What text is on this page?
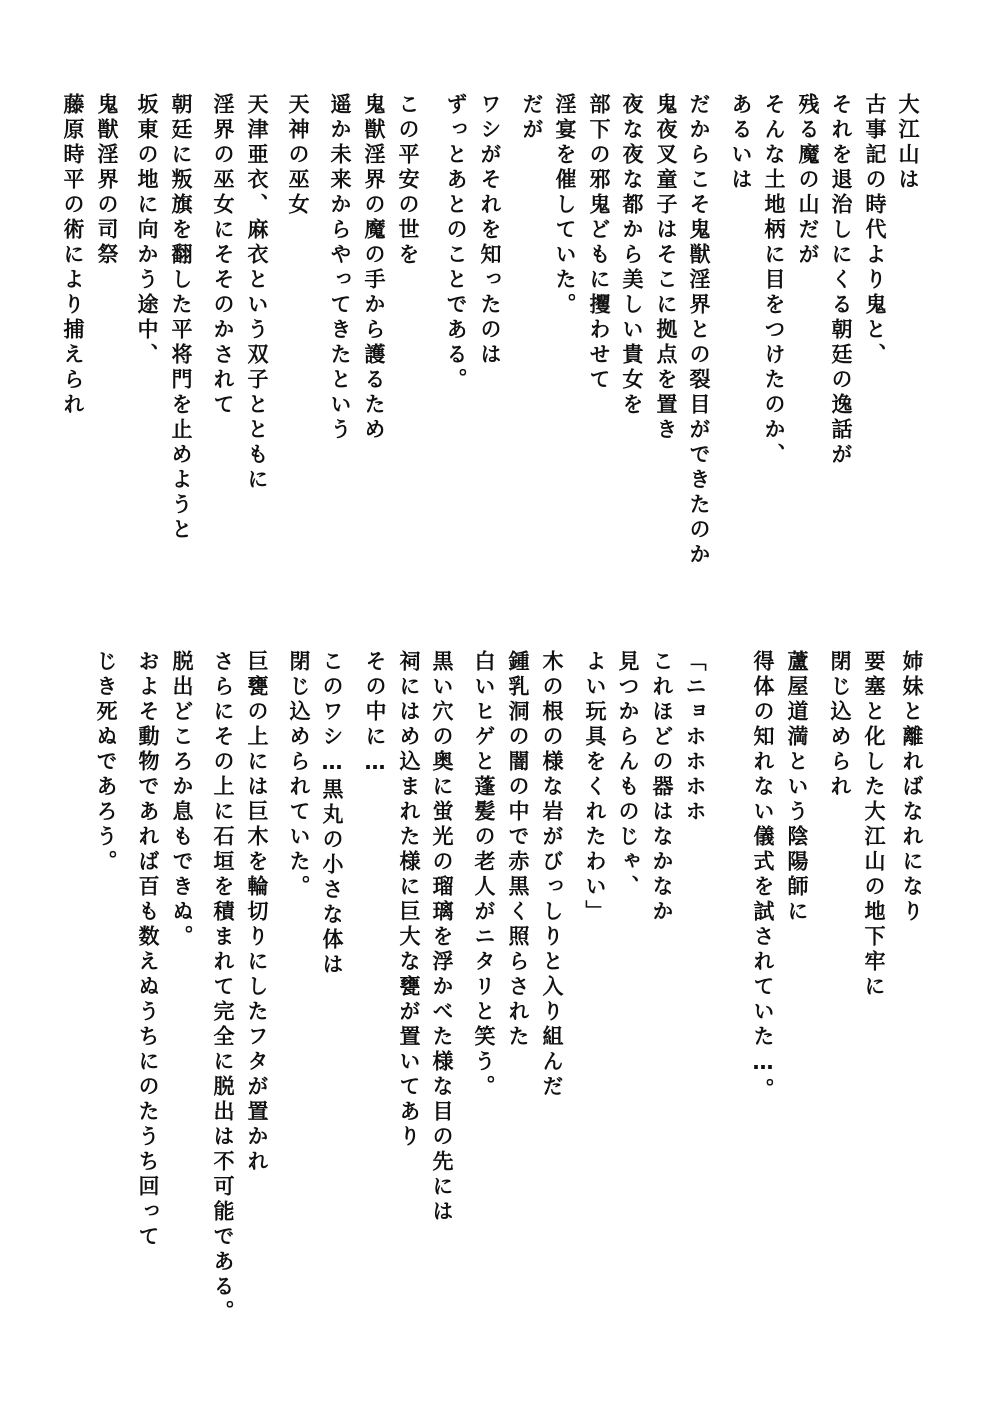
大江山は
古事記の時代より鬼と、
それを退治しにくる朝廷の逸話が
残る魔の山だが
そんな土地柄に目をつけたのか、
あるいは
だからこそ鬼獣淫界との裂目ができたのか
鬼夜叉童子はそこに拠点を置き
夜な夜な都から美しい貴女を
部下の邪鬼どもに攫わせて
淫宴を催していた。
だが
ワシがそれを知ったのは
ずっとあとのことである。
この平安の世を
鬼獣淫界の魔の手から護るため
遥か未来からやってきたという
天神の巫女
天津亜衣、麻衣という双子とともに
淫界の巫女にそそのかされて
朝廷に叛旗を翻した平将門を止めようと
坂東の地に向かう途中、
鬼獣淫界の司祭
藤原時平の術により捕えられ
姉妹と離ればなれになり
要塞と化した大江山の地下牢に
閉じ込められ
蘆屋道満という陰陽師に
得体の知れない儀式を試されていた…。
「ニョホホホホ
これほどの器はなかなか
見つからんものじゃ、
よい玩具をくれたわい」
木の根の様な岩がびっしりと入り組んだ
鍾乳洞の闇の中で赤黒く照らされた
白いヒゲと蓬髪の老人がニタリと笑う。
黒い穴の奥に蛍光の瑠璃を浮かべた様な目の先には
祠にはめ込まれた様に巨大な甕が置いてあり
その中に…
このワシ…黒丸の小さな体は
閉じ込められていた。
巨甕の上には巨木を輪切りにしたフタが置かれ
さらにその上に石垣を積まれて完全に脱出は不可能である。
脱出どころか息もできぬ。
およそ動物であれば百も数えぬうちにのたうち回って
じき死ぬであろう。
